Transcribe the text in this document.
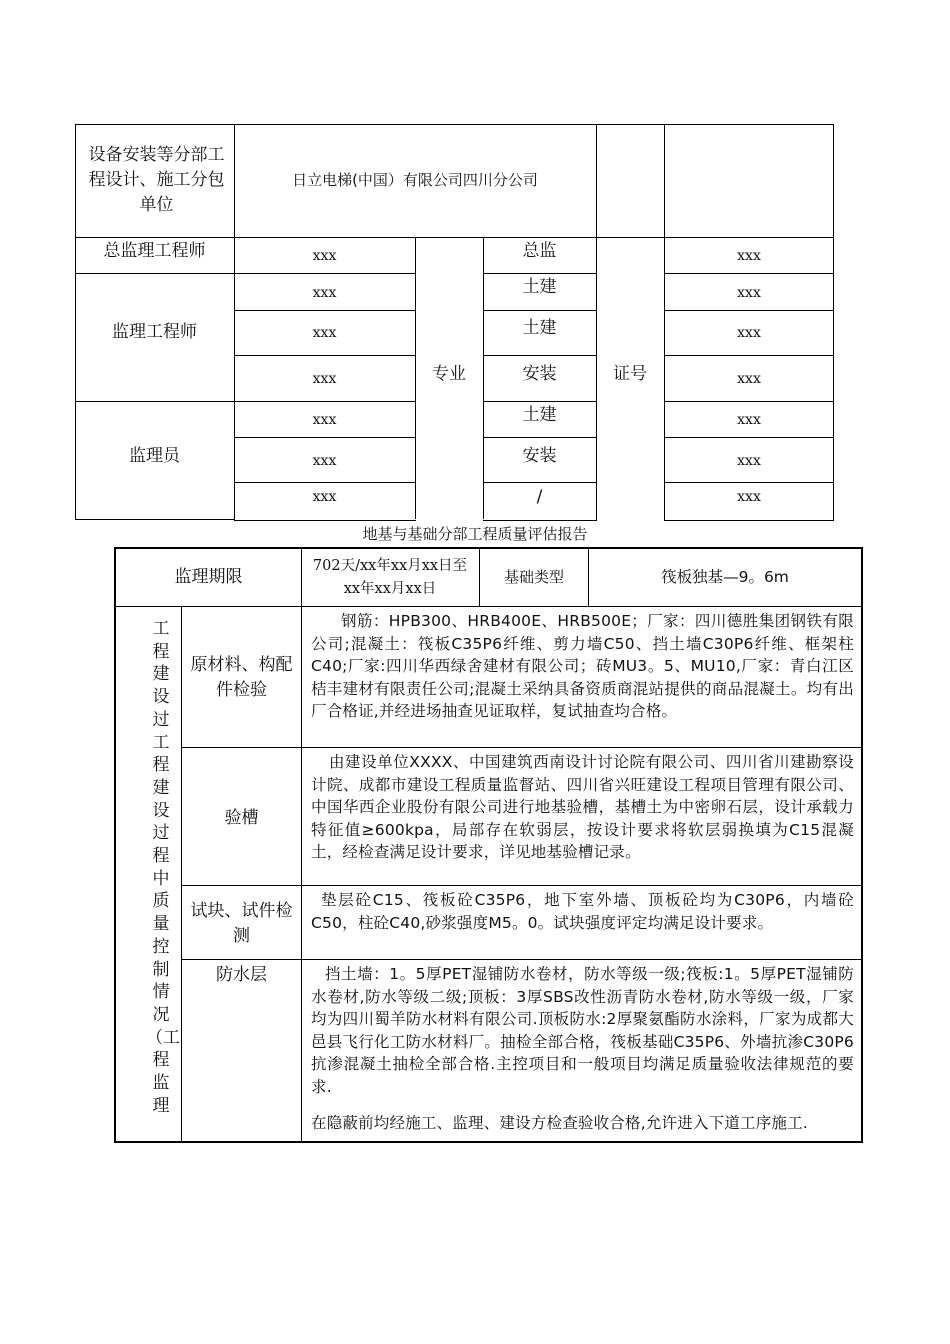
设备安装等分部工程设计、施工分包单位
日立电梯(中国）有限公司四川分公司
总监理工程师
监理工程师
监理员
专业	证号
xxx
xxx
xxx
xxx
xxx
xxx
xxx
总监
土建
土建
安装
土建
安装
/
xxx
xxx
xxx
xxx
xxx
xxx
xxx
地基与基础分部工程质量评估报告
监理期限
702天/xx年xx月xx日至xx年xx月xx日
基础类型	筏板独基—9。6m
工程建设过工程建设过程中质量控制情况（工程监理
原材料、构配件检验
验槽
试块、试件检测
防水层
钢筋：HPB300、HRB400E、HRB500E；厂家：四川德胜集团钢铁有限公司;混凝土：筏板C35P6纤维、剪力墙C50、挡土墙C30P6纤维、框架柱C40;厂家:四川华西绿舍建材有限公司；砖MU3。5、MU10,厂家：青白江区桔丰建材有限责任公司;混凝土采纳具备资质商混站提供的商品混凝土。均有出厂合格证,并经进场抽查见证取样，复试抽查均合格。
由建设单位XXXX、中国建筑西南设计讨论院有限公司、四川省川建勘察设计院、成都市建设工程质量监督站、四川省兴旺建设工程项目管理有限公司、中国华西企业股份有限公司进行地基验槽，基槽土为中密卵石层，设计承载力特征值≥600kpa，局部存在软弱层，按设计要求将软层弱换填为C15混凝土，经检查满足设计要求，详见地基验槽记录。
垫层砼C15、筏板砼C35P6，地下室外墙、顶板砼均为C30P6，内墙砼C50，柱砼C40,砂浆强度M5。0。试块强度评定均满足设计要求。
挡土墙：1。5厚PET湿铺防水卷材，防水等级一级;筏板:1。5厚PET湿铺防水卷材,防水等级二级;顶板：3厚SBS改性沥青防水卷材,防水等级一级，厂家均为四川蜀羊防水材料有限公司.顶板防水:2厚聚氨酯防水涂料，厂家为成都大邑县飞行化工防水材料厂。抽检全部合格，筏板基础C35P6、外墙抗渗C30P6抗渗混凝土抽检全部合格.主控项目和一般项目均满足质量验收法律规范的要求.
在隐蔽前均经施工、监理、建设方检查验收合格,允许进入下道工序施工.
